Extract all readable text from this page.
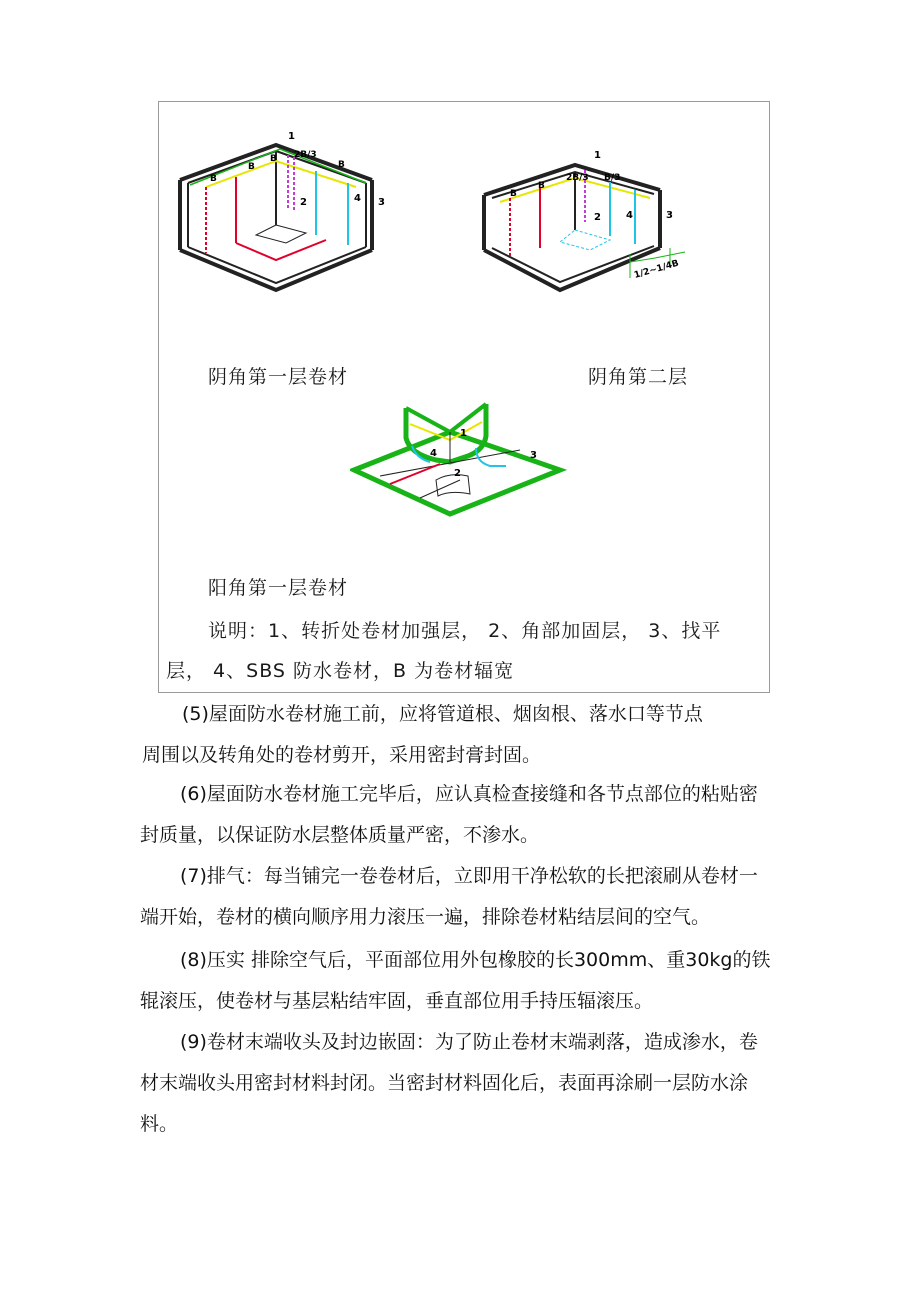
B
B
B 2B/3
B
1
2	4 3
B
B
2B/3 B/3
1
2	4	3
1/2~1/4B
1
2
4	3
阴角第一层卷材	阴角第二层
阳角第一层卷材
说明：1、转折处卷材加强层， 2、角部加固层， 3、找平
层， 4、SBS 防水卷材，B 为卷材辐宽
(5)屋面防水卷材施工前，应将管道根、烟囱根、落水口等节点
周围以及转角处的卷材剪开，采用密封膏封固。
(6)屋面防水卷材施工完毕后，应认真检查接缝和各节点部位的粘贴密
封质量，以保证防水层整体质量严密，不渗水。
(7)排气：每当铺完一卷卷材后，立即用干净松软的长把滚刷从卷材一
端开始，卷材的横向顺序用力滚压一遍，排除卷材粘结层间的空气。
(8)压实 排除空气后，平面部位用外包橡胶的长300mm、重30kg的铁
辊滚压，使卷材与基层粘结牢固，垂直部位用手持压辐滚压。
(9)卷材末端收头及封边嵌固：为了防止卷材末端剥落，造成渗水，卷
材末端收头用密封材料封闭。当密封材料固化后，表面再涂刷一层防水涂
料。
